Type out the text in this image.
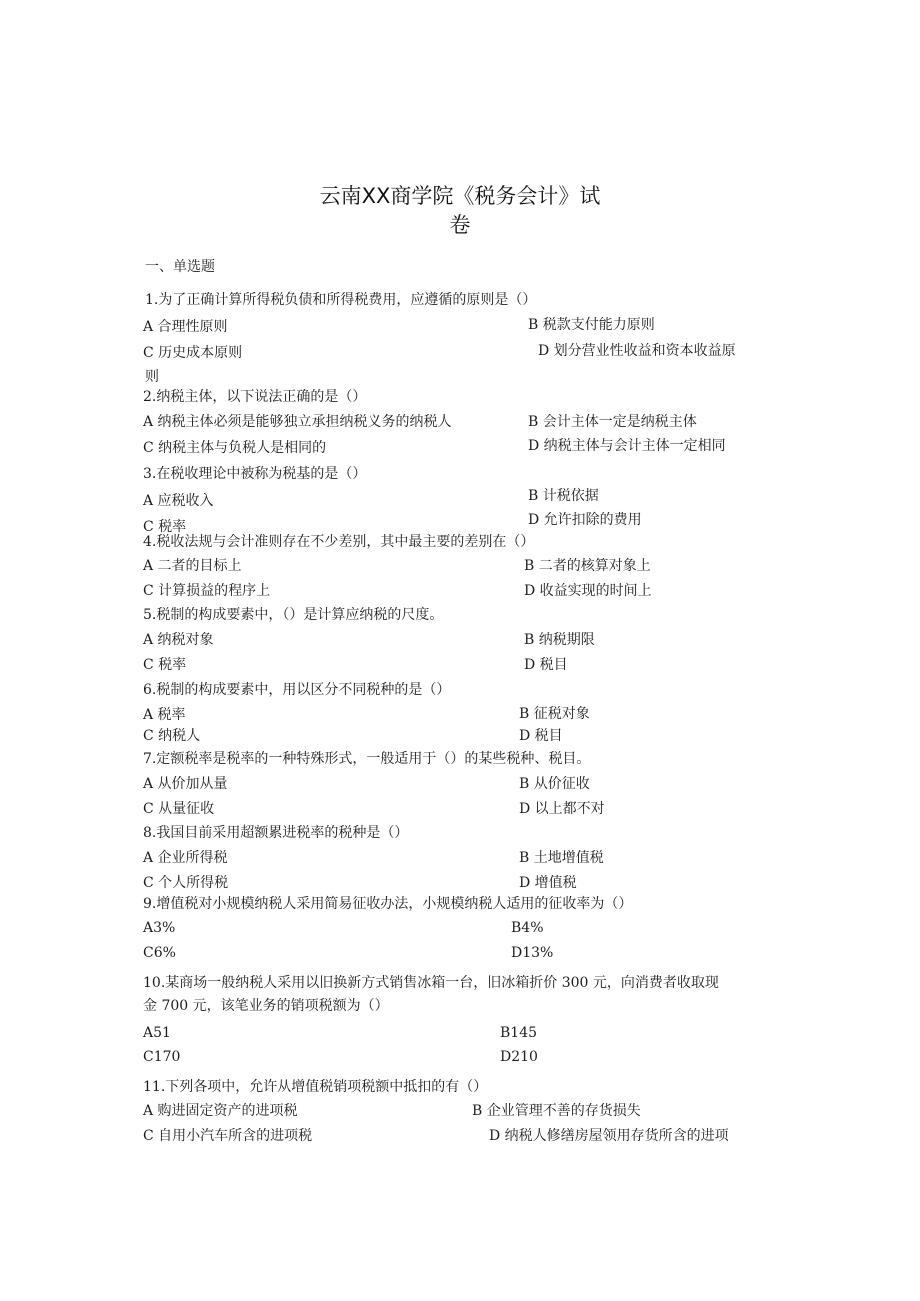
云南XX商学院《税务会计》试
卷
一、单选题
1.为了正确计算所得税负债和所得税费用，应遵循的原则是（）
A 合理性原则	B 税款支付能力原则
C 历史成本原则	D 划分营业性收益和资本收益原
则
2.纳税主体，以下说法正确的是（）
A 纳税主体必须是能够独立承担纳税义务的纳税人	B 会计主体一定是纳税主体
C 纳税主体与负税人是相同的	D 纳税主体与会计主体一定相同
3.在税收理论中被称为税基的是（）
A 应税收入	B 计税依据
C 税率	D 允许扣除的费用
4.税收法规与会计准则存在不少差别，其中最主要的差别在（）
A 二者的目标上	B 二者的核算对象上
C 计算损益的程序上	D 收益实现的时间上
5.税制的构成要素中，（）是计算应纳税的尺度。
A 纳税对象	B 纳税期限
C 税率	D 税目
6.税制的构成要素中，用以区分不同税种的是（）
A 税率	B 征税对象
C 纳税人	D 税目
7.定额税率是税率的一种特殊形式，一般适用于（）的某些税种、税目。
A 从价加从量	B 从价征收
C 从量征收	D 以上都不对
8.我国目前采用超额累进税率的税种是（）
A 企业所得税	B 土地增值税
C 个人所得税	D 增值税
9.增值税对小规模纳税人采用简易征收办法，小规模纳税人适用的征收率为（）
A3%	B4%
C6%	D13%
10.某商场一般纳税人采用以旧换新方式销售冰箱一台，旧冰箱折价 300 元，向消费者收取现
金 700 元，该笔业务的销项税额为（）
A51	B145
C170	D210
11.下列各项中，允许从增值税销项税额中抵扣的有（）
A 购进固定资产的进项税	B 企业管理不善的存货损失
C 自用小汽车所含的进项税	D 纳税人修缮房屋领用存货所含的进项
